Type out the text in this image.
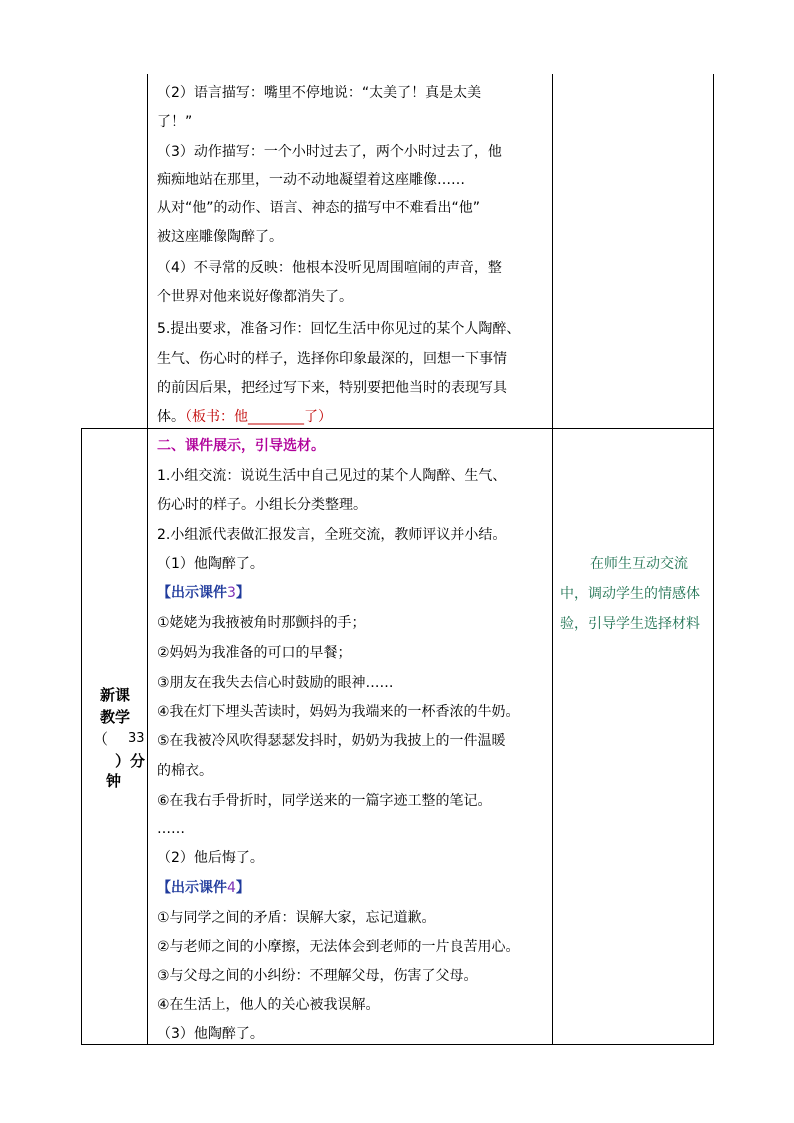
（2）语言描写：嘴里不停地说：“太美了！真是太美
了！”
（3）动作描写：一个小时过去了，两个小时过去了，他
痴痴地站在那里，一动不动地凝望着这座雕像……
从对“他”的动作、语言、神态的描写中不难看出“他”
被这座雕像陶醉了。
（4）不寻常的反映：他根本没听见周围喧闹的声音，整
个世界对他来说好像都消失了。
5.提出要求，准备习作：回忆生活中你见过的某个人陶醉、
生气、伤心时的样子，选择你印象最深的，回想一下事情
的前因后果，把经过写下来，特别要把他当时的表现写具
体。（板书：他________了）
新课
教学
（ 33
）分
钟
二、课件展示，引导选材。
1.小组交流：说说生活中自己见过的某个人陶醉、生气、
伤心时的样子。小组长分类整理。
2.小组派代表做汇报发言，全班交流，教师评议并小结。
（1）他陶醉了。
【出示课件3】
①姥姥为我掖被角时那颤抖的手；
②妈妈为我准备的可口的早餐；
③朋友在我失去信心时鼓励的眼神……
④我在灯下埋头苦读时，妈妈为我端来的一杯香浓的牛奶。
⑤在我被冷风吹得瑟瑟发抖时，奶奶为我披上的一件温暖
的棉衣。
⑥在我右手骨折时，同学送来的一篇字迹工整的笔记。
……
（2）他后悔了。
【出示课件4】
①与同学之间的矛盾：误解大家，忘记道歉。
②与老师之间的小摩擦，无法体会到老师的一片良苦用心。
③与父母之间的小纠纷：不理解父母，伤害了父母。
④在生活上，他人的关心被我误解。
（3）他陶醉了。
在师生互动交流
中，调动学生的情感体
验，引导学生选择材料
